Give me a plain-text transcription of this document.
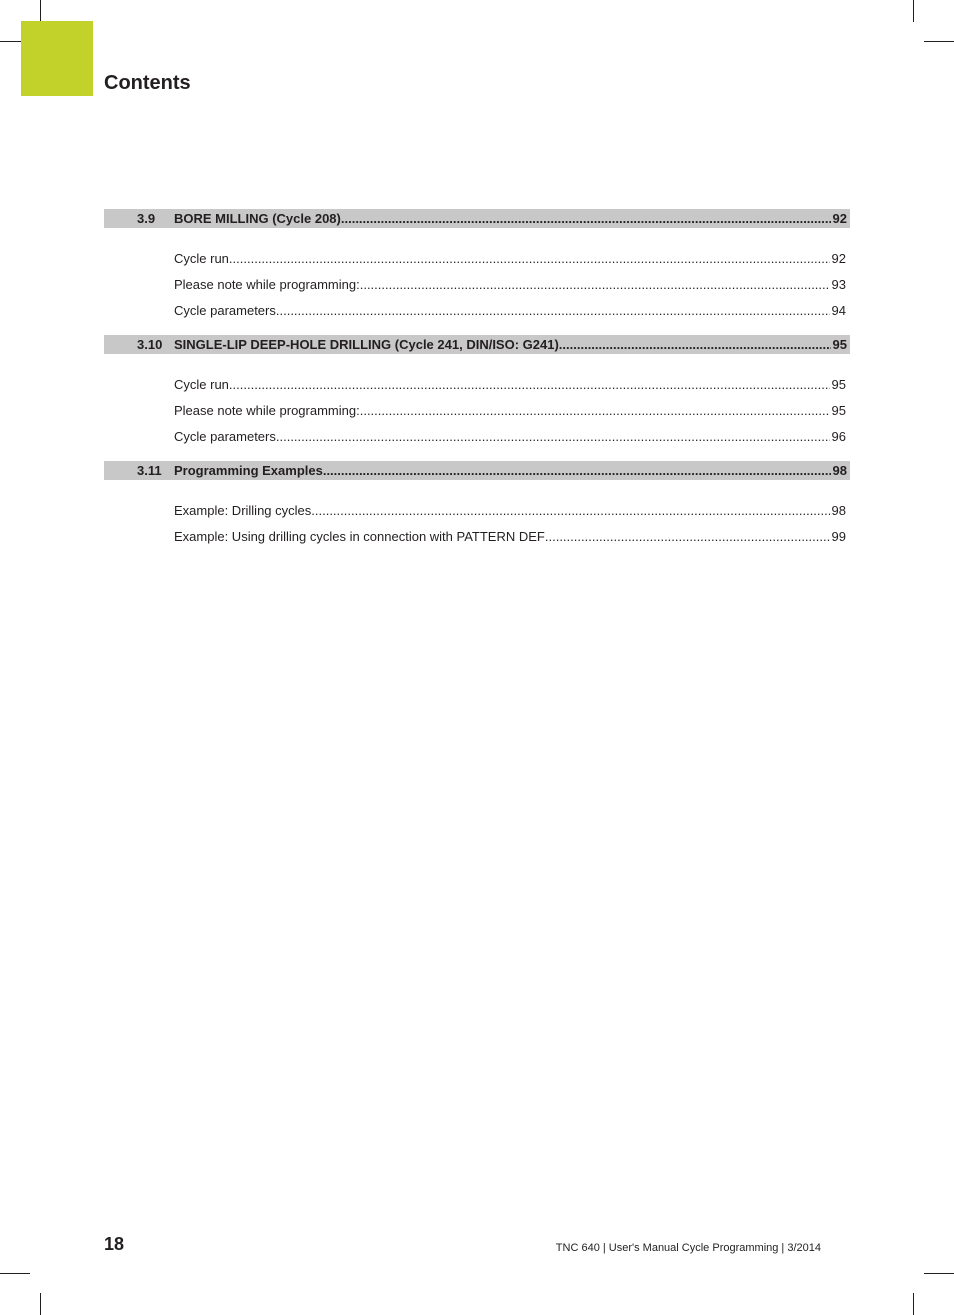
Contents
3.9	BORE MILLING (Cycle 208) .....	92
Cycle run .....	92
Please note while programming: .....	93
Cycle parameters .....	94
3.10 SINGLE-LIP DEEP-HOLE DRILLING (Cycle 241, DIN/ISO: G241) .....	95
Cycle run .....	95
Please note while programming: .....	95
Cycle parameters .....	96
3.11 Programming Examples .....	98
Example: Drilling cycles .....	98
Example: Using drilling cycles in connection with PATTERN DEF .....	99
18	TNC 640 | User's Manual Cycle Programming | 3/2014
